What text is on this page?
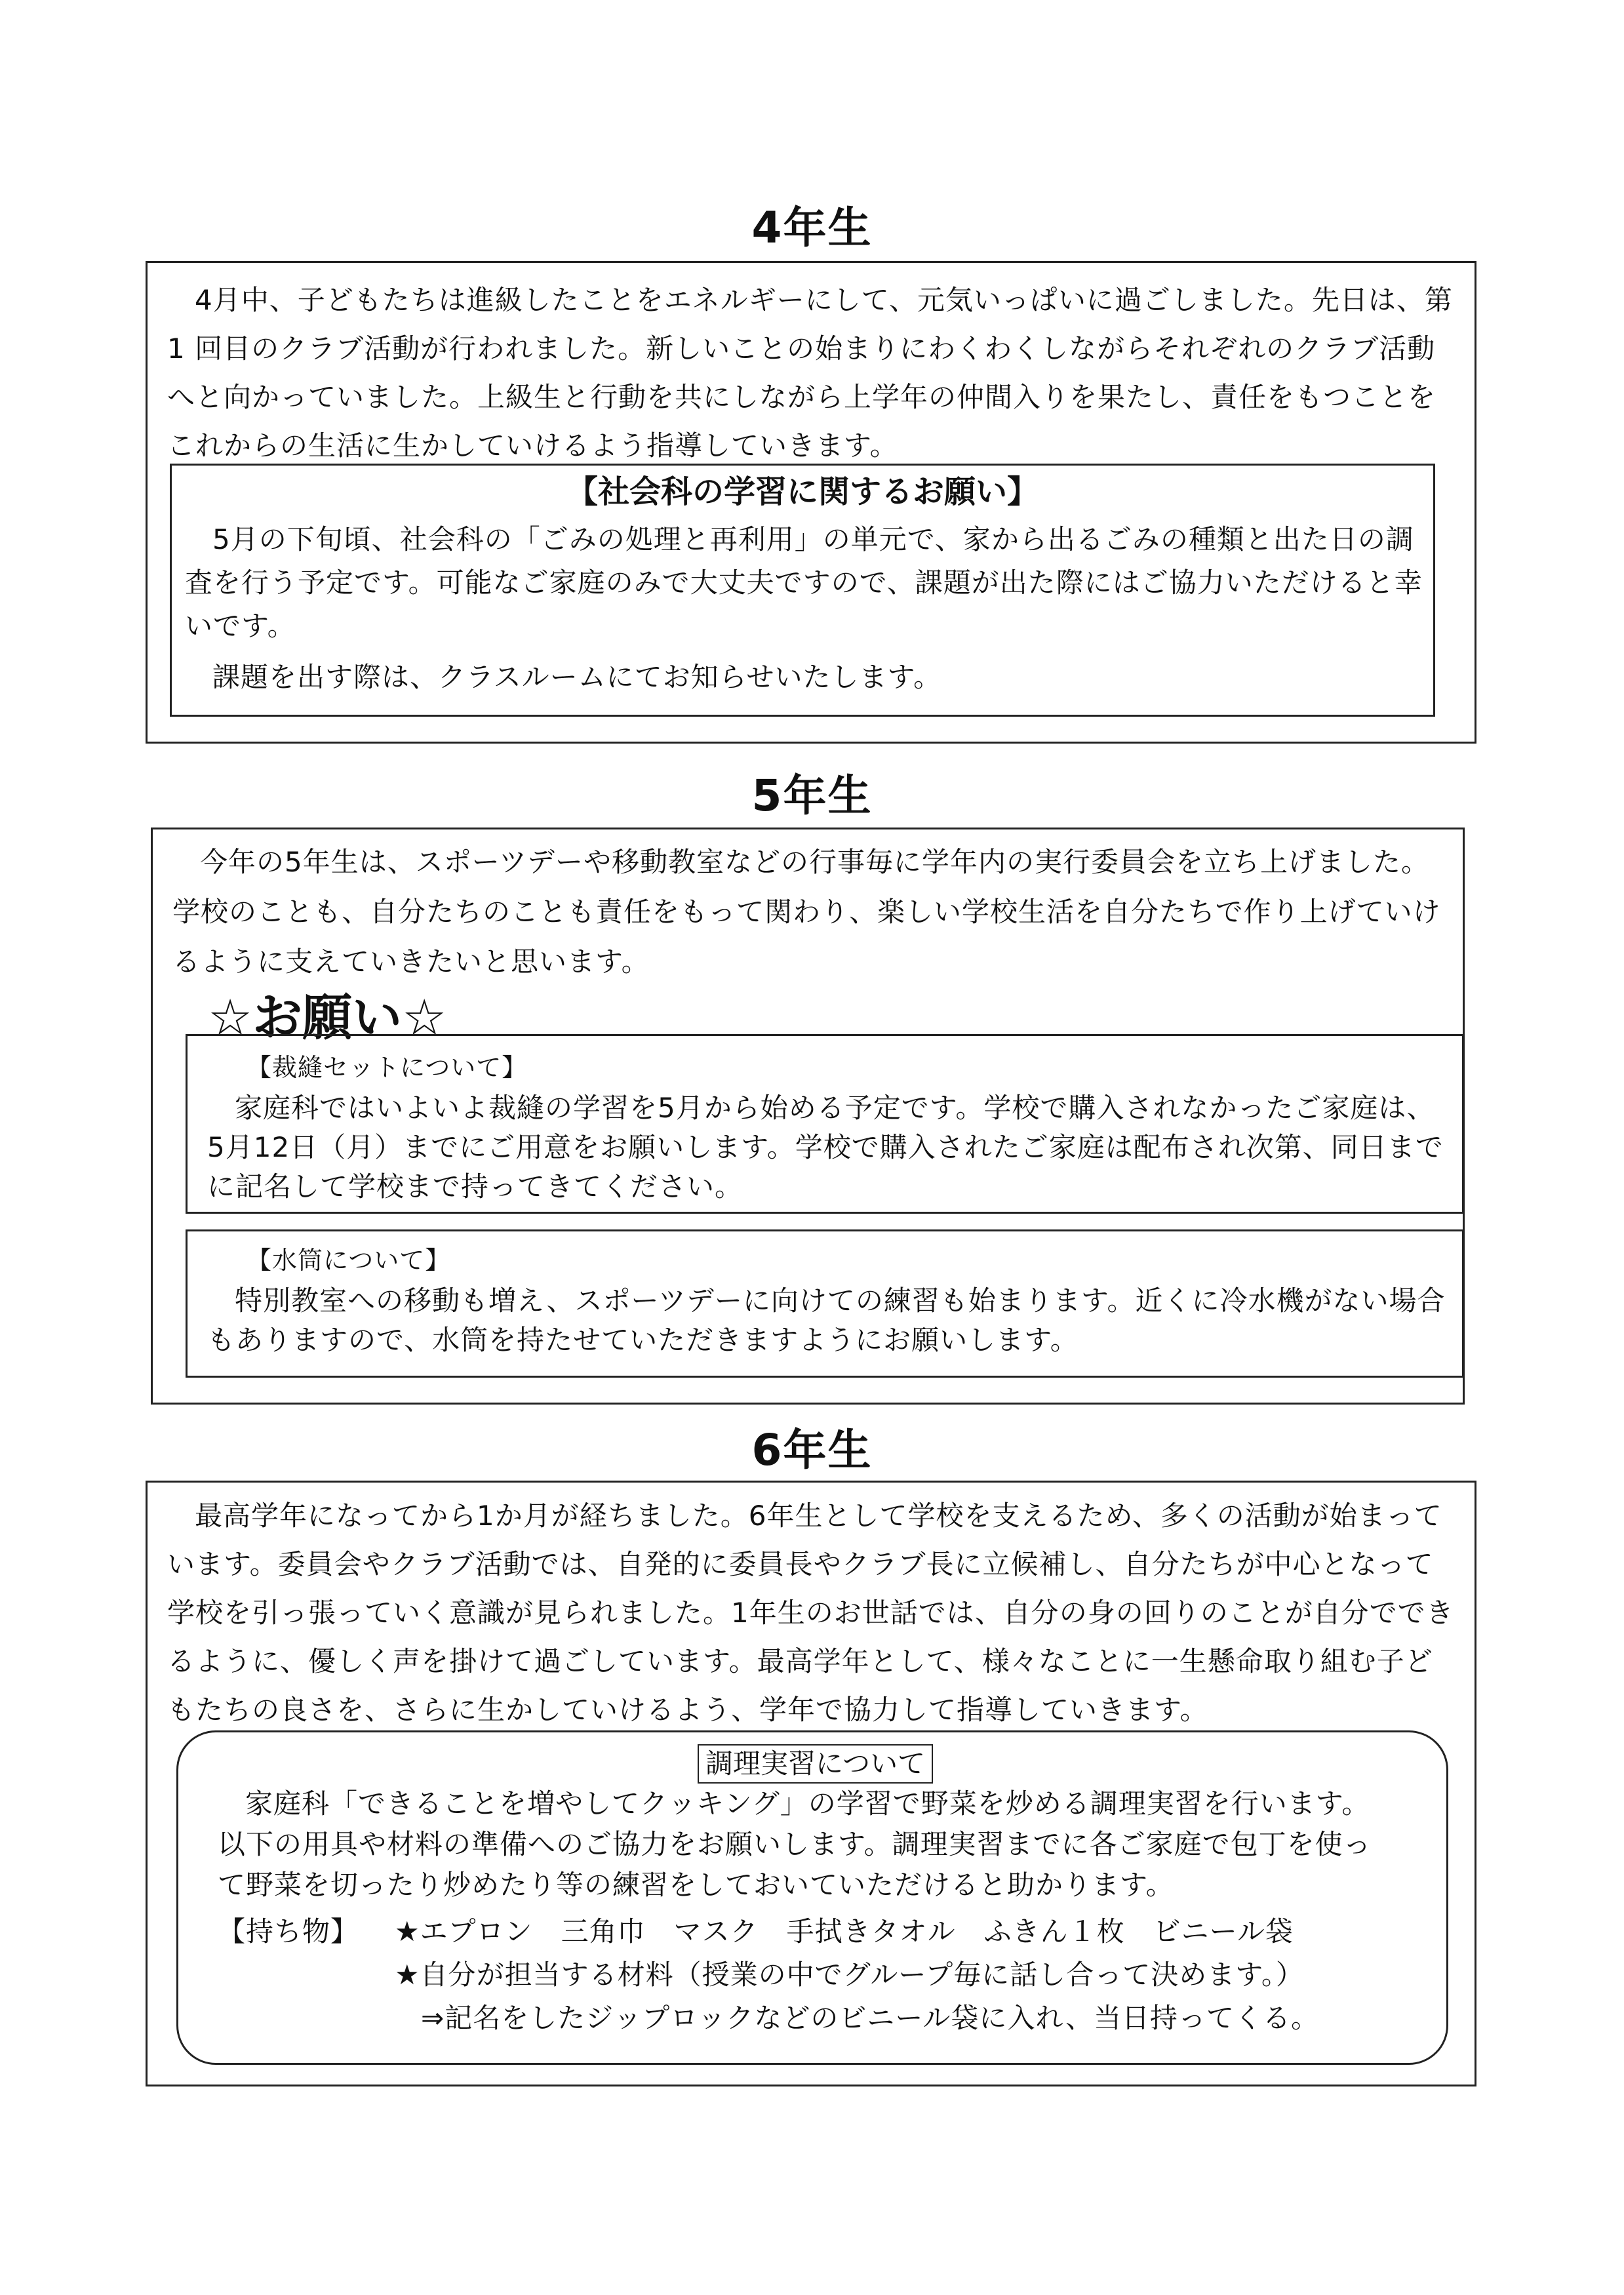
4年生

4月中、子どもたちは進級したことをエネルギーにして、元気いっぱいに過ごしました。先日は、第 1 回目のクラブ活動が行われました。新しいことの始まりにわくわくしながらそれぞれのクラブ活動へと向かっていました。上級生と行動を共にしながら上学年の仲間入りを果たし、責任をもつことをこれからの生活に生かしていけるよう指導していきます。

【社会科の学習に関するお願い】

5月の下旬頃、社会科の「ごみの処理と再利用」の単元で、家から出るごみの種類と出た日の調査を行う予定です。可能なご家庭のみで大丈夫ですので、課題が出た際にはご協力いただけると幸いです。

課題を出す際は、クラスルームにてお知らせいたします。

5年生

今年の5年生は、スポーツデーや移動教室などの行事毎に学年内の実行委員会を立ち上げました。学校のことも、自分たちのことも責任をもって関わり、楽しい学校生活を自分たちで作り上げていけるように支えていきたいと思います。

☆お願い☆
【裁縫セットについて】

家庭科ではいよいよ裁縫の学習を5月から始める予定です。学校で購入されなかったご家庭は、5月12日（月）までにご用意をお願いします。学校で購入されたご家庭は配布され次第、同日までに記名して学校まで持ってきてください。

【水筒について】

特別教室への移動も増え、スポーツデーに向けての練習も始まります。近くに冷水機がない場合もありますので、水筒を持たせていただきますようにお願いします。

6年生

最高学年になってから1か月が経ちました。6年生として学校を支えるため、多くの活動が始まっています。委員会やクラブ活動では、自発的に委員長やクラブ長に立候補し、自分たちが中心となって学校を引っ張っていく意識が見られました。1年生のお世話では、自分の身の回りのことが自分でできるように、優しく声を掛けて過ごしています。最高学年として、様々なことに一生懸命取り組む子どもたちの良さを、さらに生かしていけるよう、学年で協力して指導していきます。

調理実習について

家庭科「できることを増やしてクッキング」の学習で野菜を炒める調理実習を行います。以下の用具や材料の準備へのご協力をお願いします。調理実習までに各ご家庭で包丁を使って野菜を切ったり炒めたり等の練習をしておいていただけると助かります。

【持ち物】 ★エプロン　三角巾　マスク　手拭きタオル　ふきん１枚　ビニール袋
★自分が担当する材料（授業の中でグループ毎に話し合って決めます。）
⇒記名をしたジップロックなどのビニール袋に入れ、当日持ってくる。
